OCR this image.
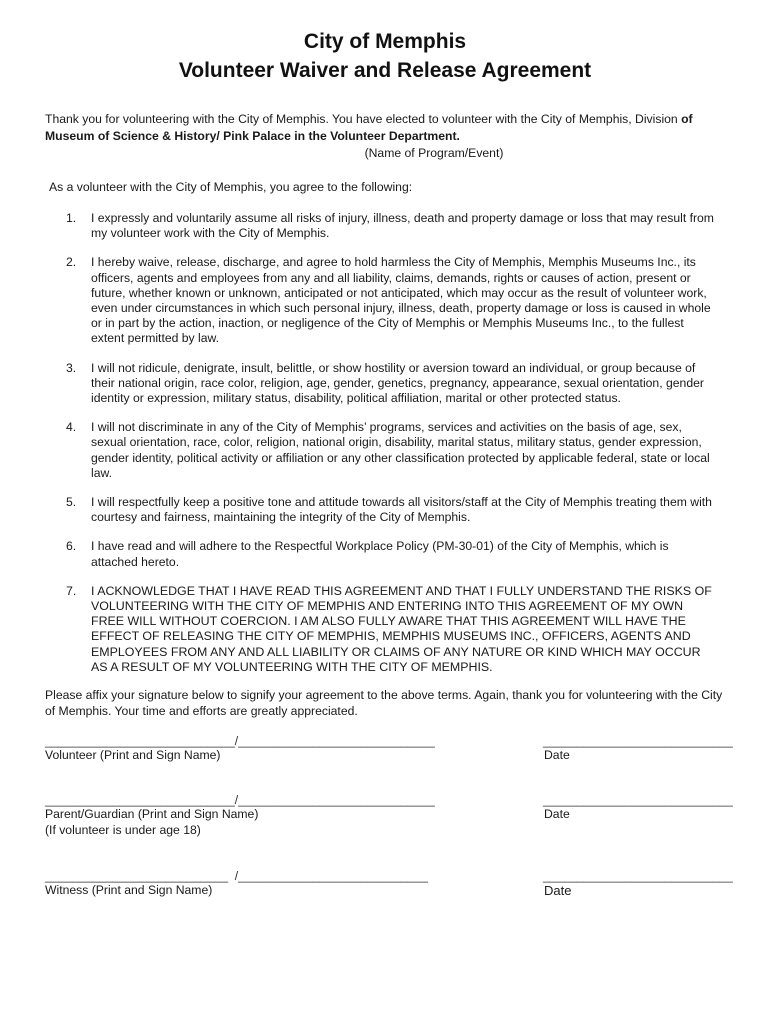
City of Memphis
Volunteer Waiver and Release Agreement
Thank you for volunteering with the City of Memphis. You have elected to volunteer with the City of Memphis, Division of
Museum of Science & History/ Pink Palace in the Volunteer Department.
(Name of Program/Event)
As a volunteer with the City of Memphis, you agree to the following:
1. I expressly and voluntarily assume all risks of injury, illness, death and property damage or loss that may result from my volunteer work with the City of Memphis.
2. I hereby waive, release, discharge, and agree to hold harmless the City of Memphis, Memphis Museums Inc., its officers, agents and employees from any and all liability, claims, demands, rights or causes of action, present or future, whether known or unknown, anticipated or not anticipated, which may occur as the result of volunteer work, even under circumstances in which such personal injury, illness, death, property damage or loss is caused in whole or in part by the action, inaction, or negligence of the City of Memphis or Memphis Museums Inc., to the fullest extent permitted by law.
3. I will not ridicule, denigrate, insult, belittle, or show hostility or aversion toward an individual, or group because of their national origin, race color, religion, age, gender, genetics, pregnancy, appearance, sexual orientation, gender identity or expression, military status, disability, political affiliation, marital or other protected status.
4. I will not discriminate in any of the City of Memphis’ programs, services and activities on the basis of age, sex, sexual orientation, race, color, religion, national origin, disability, marital status, military status, gender expression, gender identity, political activity or affiliation or any other classification protected by applicable federal, state or local law.
5. I will respectfully keep a positive tone and attitude towards all visitors/staff at the City of Memphis treating them with courtesy and fairness, maintaining the integrity of the City of Memphis.
6. I have read and will adhere to the Respectful Workplace Policy (PM-30-01) of the City of Memphis, which is attached hereto.
7. I ACKNOWLEDGE THAT I HAVE READ THIS AGREEMENT AND THAT I FULLY UNDERSTAND THE RISKS OF VOLUNTEERING WITH THE CITY OF MEMPHIS AND ENTERING INTO THIS AGREEMENT OF MY OWN FREE WILL WITHOUT COERCION. I AM ALSO FULLY AWARE THAT THIS AGREEMENT WILL HAVE THE EFFECT OF RELEASING THE CITY OF MEMPHIS, MEMPHIS MUSEUMS INC., OFFICERS, AGENTS AND EMPLOYEES FROM ANY AND ALL LIABILITY OR CLAIMS OF ANY NATURE OR KIND WHICH MAY OCCUR AS A RESULT OF MY VOLUNTEERING WITH THE CITY OF MEMPHIS.
Please affix your signature below to signify your agreement to the above terms. Again, thank you for volunteering with the City of Memphis. Your time and efforts are greatly appreciated.
____________________________/_____________________________
Volunteer (Print and Sign Name)
____________________________
Date
____________________________/_____________________________
Parent/Guardian (Print and Sign Name)
(If volunteer is under age 18)
____________________________
Date
___________________________  /____________________________
Witness (Print and Sign Name)
____________________________
Date
